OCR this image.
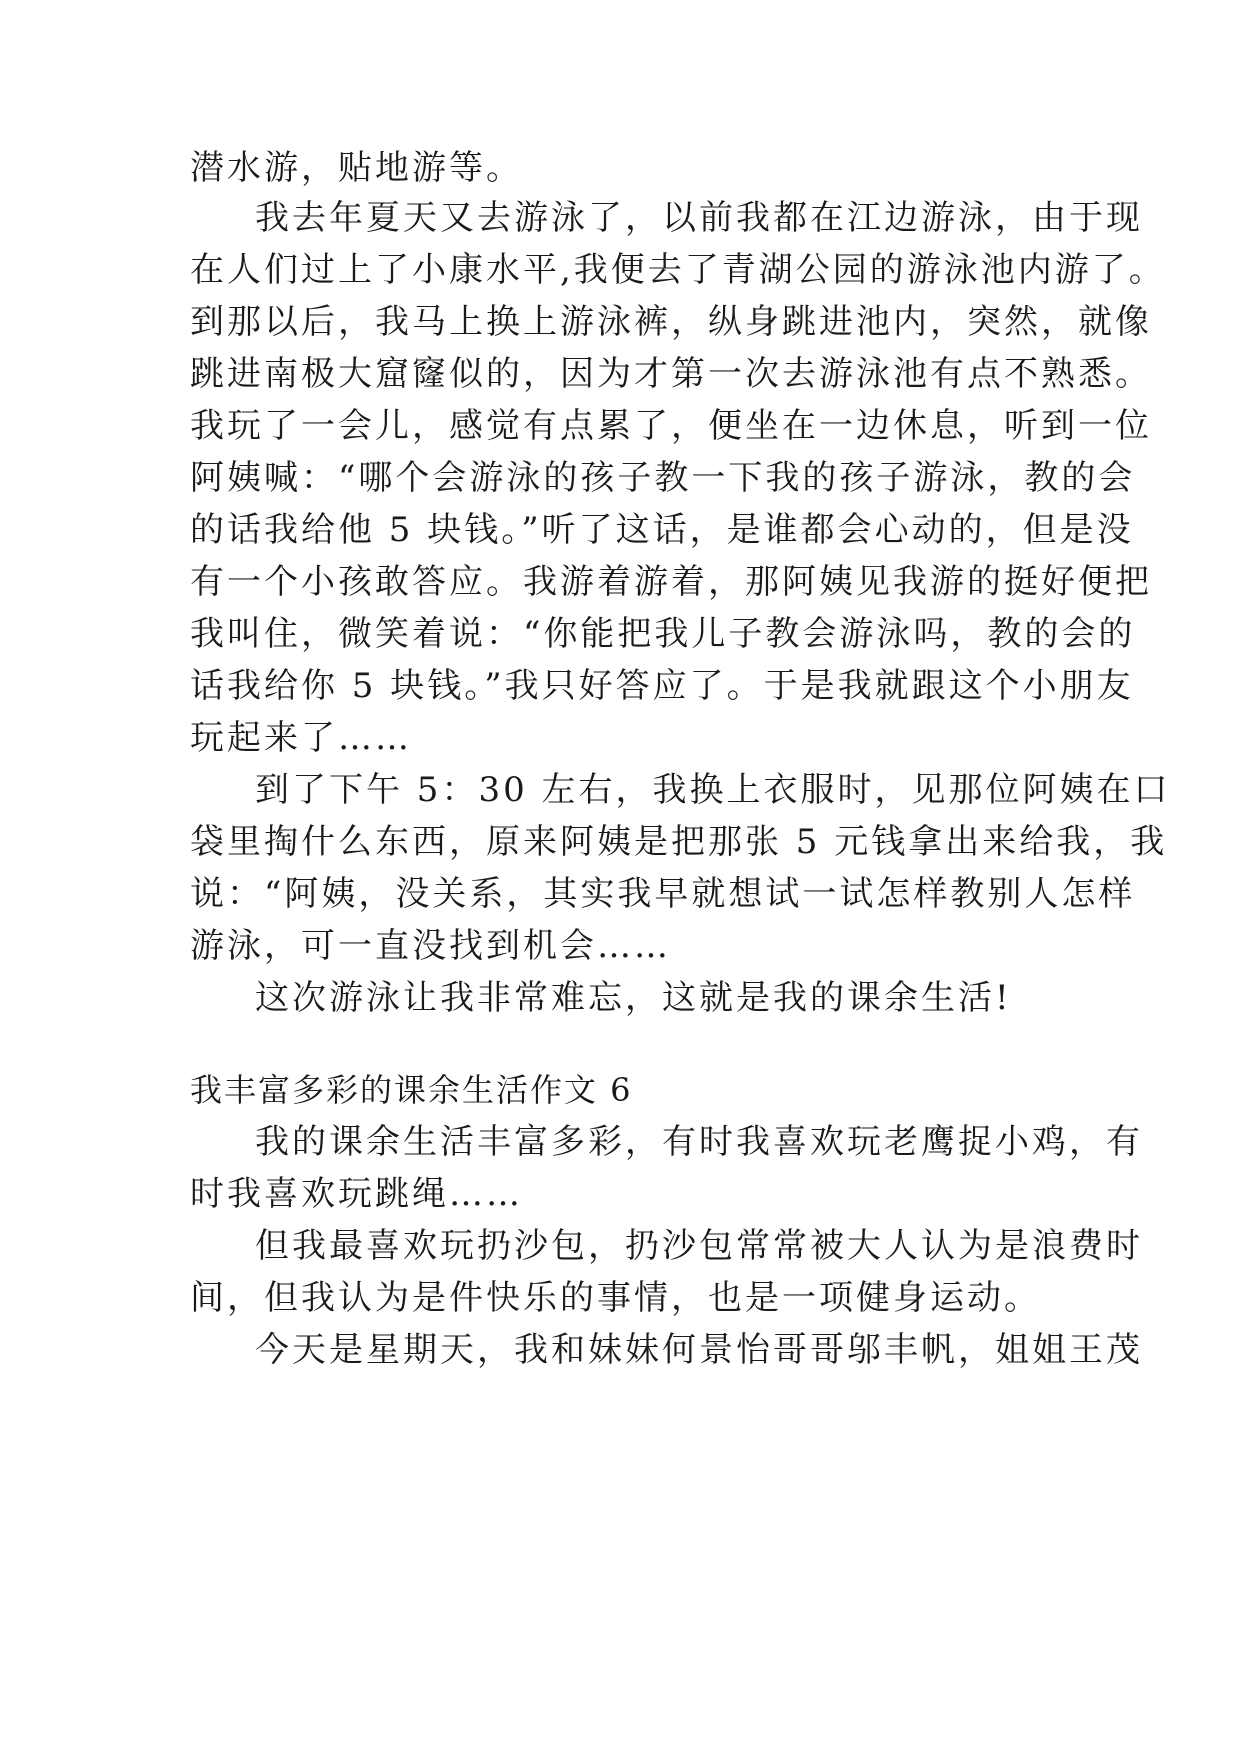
潜水游，贴地游等。
我去年夏天又去游泳了，以前我都在江边游泳，由于现
在人们过上了小康水平,我便去了青湖公园的游泳池内游了。
到那以后，我马上换上游泳裤，纵身跳进池内，突然，就像
跳进南极大窟窿似的，因为才第一次去游泳池有点不熟悉。
我玩了一会儿，感觉有点累了，便坐在一边休息，听到一位
阿姨喊：“哪个会游泳的孩子教一下我的孩子游泳，教的会
的话我给他 5 块钱。”听了这话，是谁都会心动的，但是没
有一个小孩敢答应。我游着游着，那阿姨见我游的挺好便把
我叫住，微笑着说：“你能把我儿子教会游泳吗，教的会的
话我给你 5 块钱。”我只好答应了。于是我就跟这个小朋友
玩起来了……
到了下午 5：30 左右，我换上衣服时，见那位阿姨在口
袋里掏什么东西，原来阿姨是把那张 5 元钱拿出来给我，我
说：“阿姨，没关系，其实我早就想试一试怎样教别人怎样
游泳，可一直没找到机会……
这次游泳让我非常难忘，这就是我的课余生活!
我丰富多彩的课余生活作文 6
我的课余生活丰富多彩，有时我喜欢玩老鹰捉小鸡，有
时我喜欢玩跳绳……
但我最喜欢玩扔沙包，扔沙包常常被大人认为是浪费时
间，但我认为是件快乐的事情，也是一项健身运动。
今天是星期天，我和妹妹何景怡哥哥邬丰帆，姐姐王茂
